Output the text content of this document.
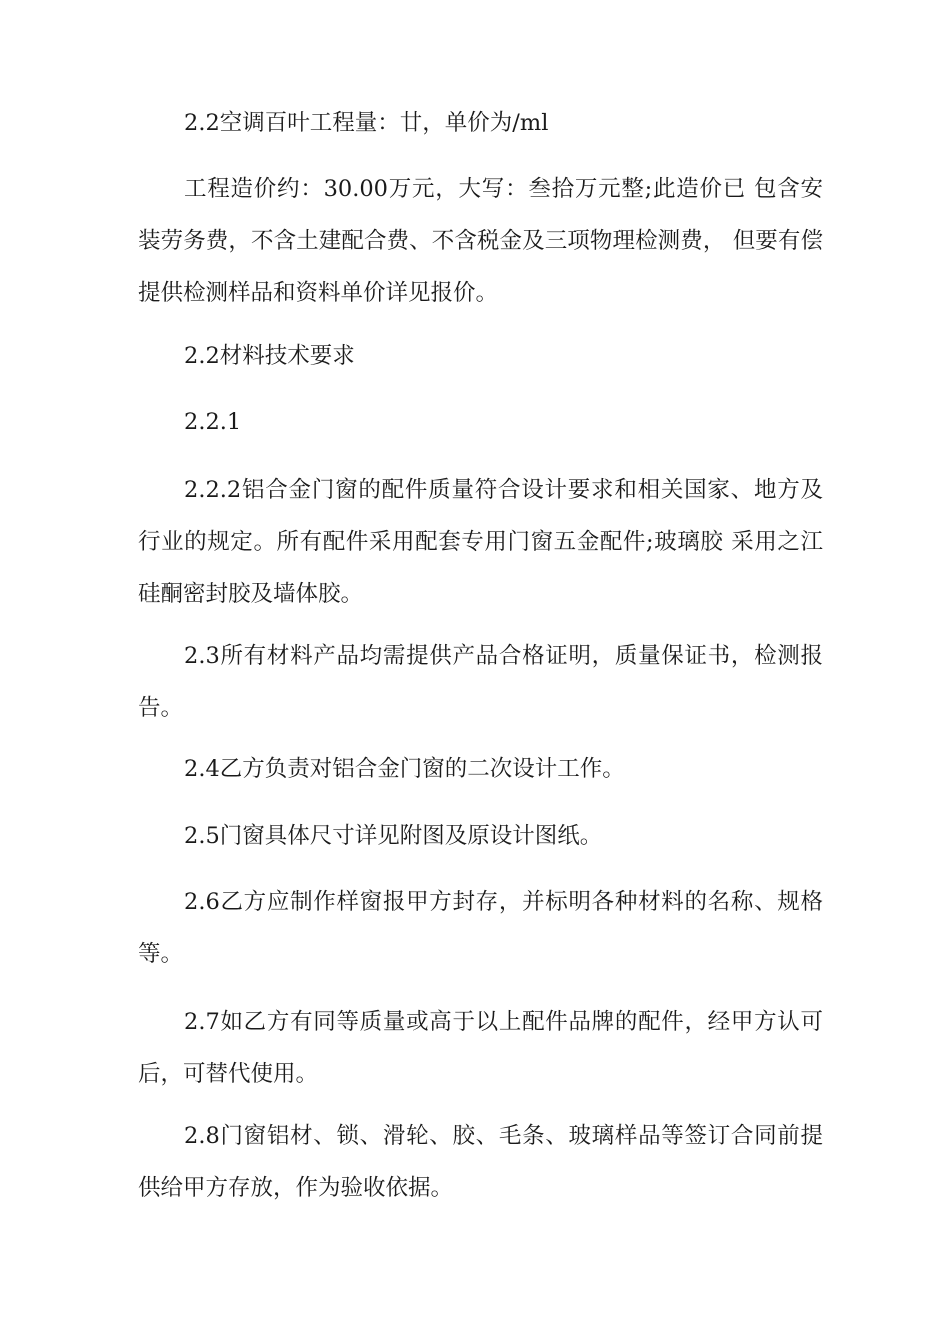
2.2空调百叶工程量：廿，单价为/ml

工程造价约：30.00万元，大写：叁拾万元整;此造价已 包含安装劳务费，不含土建配合费、不含税金及三项物理检测费， 但要有偿提供检测样品和资料单价详见报价。

2.2材料技术要求

2.2.1

2.2.2铝合金门窗的配件质量符合设计要求和相关国家、地方及行业的规定。所有配件采用配套专用门窗五金配件;玻璃胶 采用之江硅酮密封胶及墙体胶。

2.3所有材料产品均需提供产品合格证明，质量保证书，检测报告。

2.4乙方负责对铝合金门窗的二次设计工作。

2.5门窗具体尺寸详见附图及原设计图纸。

2.6乙方应制作样窗报甲方封存，并标明各种材料的名称、规格等。

2.7如乙方有同等质量或高于以上配件品牌的配件，经甲方认可后，可替代使用。

2.8门窗铝材、锁、滑轮、胶、毛条、玻璃样品等签订合同前提供给甲方存放，作为验收依据。
